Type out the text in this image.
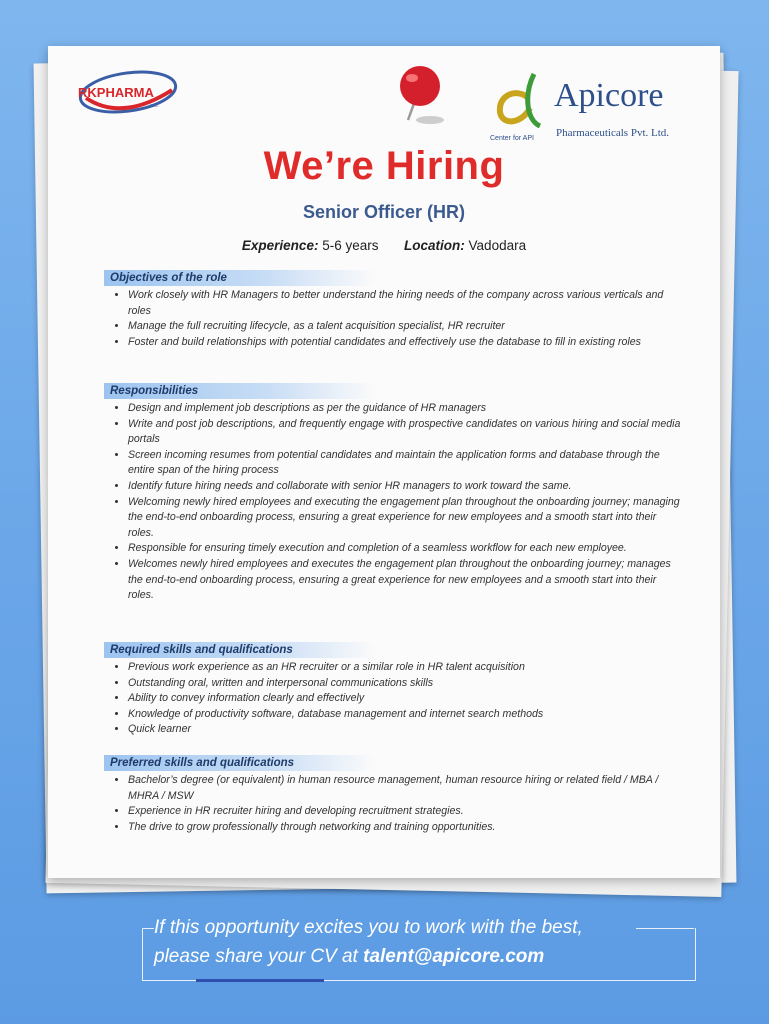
RKPHARMA
INC.
Center for API
Apicore
Pharmaceuticals Pvt. Ltd.
We’re Hiring
Senior Officer (HR)
Experience: 5-6 years Location: Vadodara
Objectives of the role
• Work closely with HR Managers to better understand the hiring needs of the company across various verticals and roles
• Manage the full recruiting lifecycle, as a talent acquisition specialist, HR recruiter
• Foster and build relationships with potential candidates and effectively use the database to fill in existing roles
Responsibilities
• Design and implement job descriptions as per the guidance of HR managers
• Write and post job descriptions, and frequently engage with prospective candidates on various hiring and social media portals
• Screen incoming resumes from potential candidates and maintain the application forms and database through the entire span of the hiring process
• Identify future hiring needs and collaborate with senior HR managers to work toward the same.
• Welcoming newly hired employees and executing the engagement plan throughout the onboarding journey; managing the end-to-end onboarding process, ensuring a great experience for new employees and a smooth start into their roles.
• Responsible for ensuring timely execution and completion of a seamless workflow for each new employee.
• Welcomes newly hired employees and executes the engagement plan throughout the onboarding journey; manages the end-to-end onboarding process, ensuring a great experience for new employees and a smooth start into their roles.
Required skills and qualifications
• Previous work experience as an HR recruiter or a similar role in HR talent acquisition
• Outstanding oral, written and interpersonal communications skills
• Ability to convey information clearly and effectively
• Knowledge of productivity software, database management and internet search methods
• Quick learner
Preferred skills and qualifications
• Bachelor’s degree (or equivalent) in human resource management, human resource hiring or related field / MBA / MHRA / MSW
• Experience in HR recruiter hiring and developing recruitment strategies.
• The drive to grow professionally through networking and training opportunities.
If this opportunity excites you to work with the best,
please share your CV at talent@apicore.com
